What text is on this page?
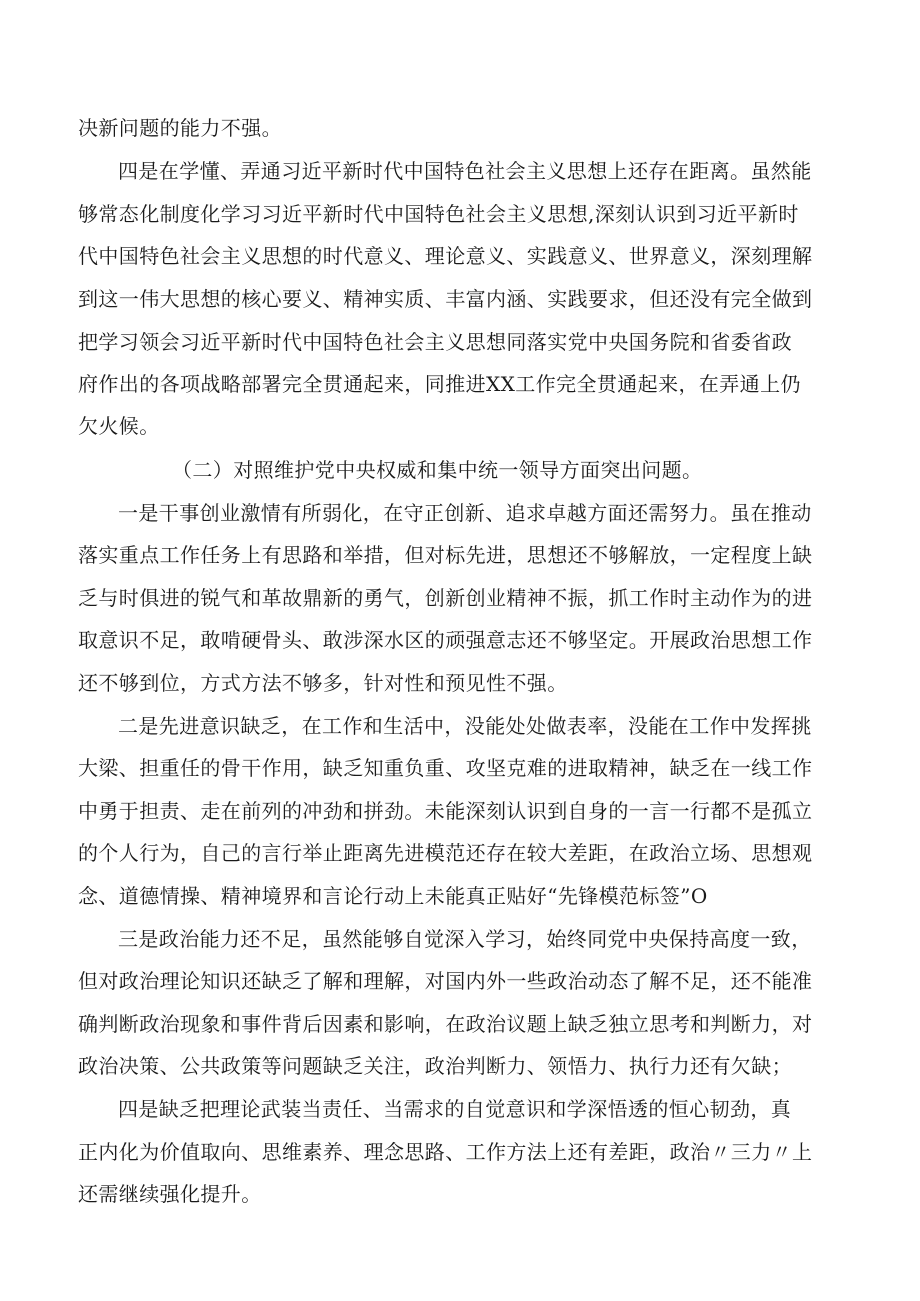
决新问题的能力不强。
四是在学懂、弄通习近平新时代中国特色社会主义思想上还存在距离。虽然能
够常态化制度化学习习近平新时代中国特色社会主义思想,深刻认识到习近平新时
代中国特色社会主义思想的时代意义、理论意义、实践意义、世界意义，深刻理解
到这一伟大思想的核心要义、精神实质、丰富内涵、实践要求，但还没有完全做到
把学习领会习近平新时代中国特色社会主义思想同落实党中央国务院和省委省政
府作出的各项战略部署完全贯通起来，同推进XX工作完全贯通起来，在弄通上仍
欠火候。
（二）对照维护党中央权威和集中统一领导方面突出问题。
一是干事创业激情有所弱化，在守正创新、追求卓越方面还需努力。虽在推动
落实重点工作任务上有思路和举措，但对标先进，思想还不够解放，一定程度上缺
乏与时俱进的锐气和革故鼎新的勇气，创新创业精神不振，抓工作时主动作为的进
取意识不足，敢啃硬骨头、敢涉深水区的顽强意志还不够坚定。开展政治思想工作
还不够到位，方式方法不够多，针对性和预见性不强。
二是先进意识缺乏，在工作和生活中，没能处处做表率，没能在工作中发挥挑
大梁、担重任的骨干作用，缺乏知重负重、攻坚克难的进取精神，缺乏在一线工作
中勇于担责、走在前列的冲劲和拼劲。未能深刻认识到自身的一言一行都不是孤立
的个人行为，自己的言行举止距离先进模范还存在较大差距，在政治立场、思想观
念、道德情操、精神境界和言论行动上未能真正贴好“先锋模范标签”O
三是政治能力还不足，虽然能够自觉深入学习，始终同党中央保持高度一致，
但对政治理论知识还缺乏了解和理解，对国内外一些政治动态了解不足，还不能准
确判断政治现象和事件背后因素和影响，在政治议题上缺乏独立思考和判断力，对
政治决策、公共政策等问题缺乏关注，政治判断力、领悟力、执行力还有欠缺；
四是缺乏把理论武装当责任、当需求的自觉意识和学深悟透的恒心韧劲，真
正内化为价值取向、思维素养、理念思路、工作方法上还有差距，政治〃三力〃上
还需继续强化提升。
